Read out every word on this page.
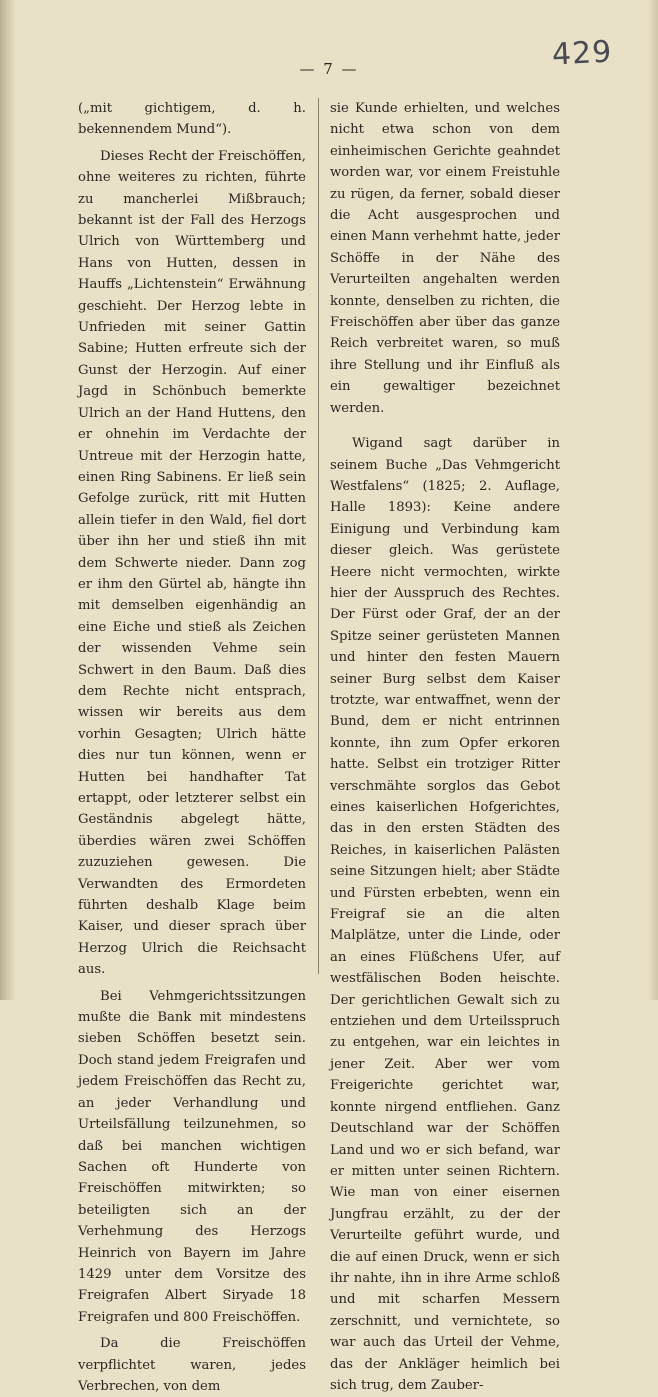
429
— 7 —

(„mit gichtigem, d. h. bekennendem Mund“).

Dieses Recht der Freischöffen, ohne weiteres zu richten, führte zu mancherlei Mißbrauch; bekannt ist der Fall des Herzogs Ulrich von Württemberg und Hans von Hutten, dessen in Hauffs „Lichtenstein“ Erwähnung geschieht. Der Herzog lebte in Unfrieden mit seiner Gattin Sabine; Hutten erfreute sich der Gunst der Herzogin. Auf einer Jagd in Schönbuch bemerkte Ulrich an der Hand Huttens, den er ohnehin im Verdachte der Untreue mit der Herzogin hatte, einen Ring Sabinens. Er ließ sein Gefolge zurück, ritt mit Hutten allein tiefer in den Wald, fiel dort über ihn her und stieß ihn mit dem Schwerte nieder. Dann zog er ihm den Gürtel ab, hängte ihn mit demselben eigenhändig an eine Eiche und stieß als Zeichen der wissenden Vehme sein Schwert in den Baum. Daß dies dem Rechte nicht entsprach, wissen wir bereits aus dem vorhin Gesagten; Ulrich hätte dies nur tun können, wenn er Hutten bei handhafter Tat ertappt, oder letzterer selbst ein Geständnis abgelegt hätte, überdies wären zwei Schöffen zuzuziehen gewesen. Die Verwandten des Ermordeten führten deshalb Klage beim Kaiser, und dieser sprach über Herzog Ulrich die Reichsacht aus.

Bei Vehmgerichtssitzungen mußte die Bank mit mindestens sieben Schöffen besetzt sein. Doch stand jedem Freigrafen und jedem Freischöffen das Recht zu, an jeder Verhandlung und Urteilsfällung teilzunehmen, so daß bei manchen wichtigen Sachen oft Hunderte von Freischöffen mitwirkten; so beteiligten sich an der Verhehmung des Herzogs Heinrich von Bayern im Jahre 1429 unter dem Vorsitze des Freigrafen Albert Siryade 18 Freigrafen und 800 Freischöffen.

Da die Freischöffen verpflichtet waren, jedes Verbrechen, von dem

sie Kunde erhielten, und welches nicht etwa schon von dem einheimischen Gerichte geahndet worden war, vor einem Freistuhle zu rügen, da ferner, sobald dieser die Acht ausgesprochen und einen Mann verhehmt hatte, jeder Schöffe in der Nähe des Verurteilten angehalten werden konnte, denselben zu richten, die Freischöffen aber über das ganze Reich verbreitet waren, so muß ihre Stellung und ihr Einfluß als ein gewaltiger bezeichnet werden.

Wigand sagt darüber in seinem Buche „Das Vehmgericht Westfalens“ (1825; 2. Auflage, Halle 1893): Keine andere Einigung und Verbindung kam dieser gleich. Was gerüstete Heere nicht vermochten, wirkte hier der Ausspruch des Rechtes. Der Fürst oder Graf, der an der Spitze seiner gerüsteten Mannen und hinter den festen Mauern seiner Burg selbst dem Kaiser trotzte, war entwaffnet, wenn der Bund, dem er nicht entrinnen konnte, ihn zum Opfer erkoren hatte. Selbst ein trotziger Ritter verschmähte sorglos das Gebot eines kaiserlichen Hofgerichtes, das in den ersten Städten des Reiches, in kaiserlichen Palästen seine Sitzungen hielt; aber Städte und Fürsten erbebten, wenn ein Freigraf sie an die alten Malplätze, unter die Linde, oder an eines Flüßchens Ufer, auf westfälischen Boden heischte. Der gerichtlichen Gewalt sich zu entziehen und dem Urteilsspruch zu entgehen, war ein leichtes in jener Zeit. Aber wer vom Freigerichte gerichtet war, konnte nirgend entfliehen. Ganz Deutschland war der Schöffen Land und wo er sich befand, war er mitten unter seinen Richtern. Wie man von einer eisernen Jungfrau erzählt, zu der der Verurteilte geführt wurde, und die auf einen Druck, wenn er sich ihr nahte, ihn in ihre Arme schloß und mit scharfen Messern zerschnitt, und vernichtete, so war auch das Urteil der Vehme, das der Ankläger heimlich bei sich trug, dem Zauber-
